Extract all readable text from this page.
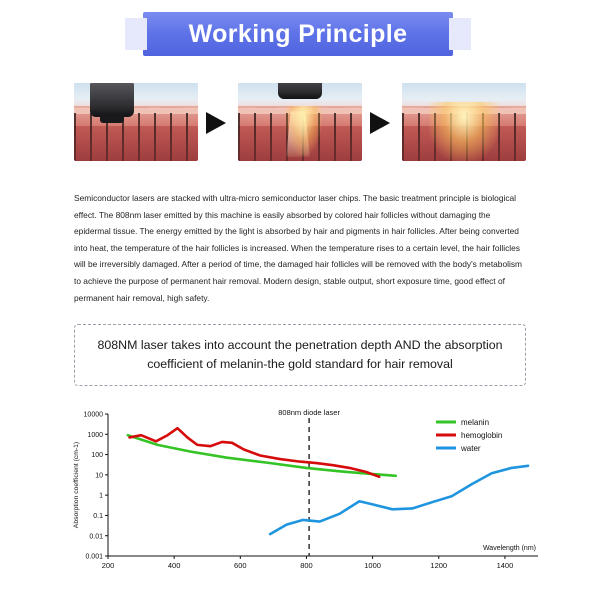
Working Principle
Semiconductor lasers are stacked with ultra-micro semiconductor laser chips. The basic treatment principle is biological effect. The 808nm laser emitted by this machine is easily absorbed by colored hair follicles without damaging the epidermal tissue. The energy emitted by the light is absorbed by hair and pigments in hair follicles. After being converted into heat, the temperature of the hair follicles is increased. When the temperature rises to a certain level, the hair follicles will be irreversibly damaged. After a period of time, the damaged hair follicles will be removed with the body's metabolism to achieve the purpose of permanent hair removal. Modern design, stable output, short exposure time, good effect of permanent hair removal, high safety.
808NM laser takes into account the penetration depth AND the absorption coefficient of melanin-the gold standard for hair removal
10000
1000
100
10
1
0.1
0.01
0.001
200	400	600	800	1000	1200	1400
Absorption coefficient (cm-1)
Wavelength (nm)
808nm diode laser
melanin
hemoglobin
water
